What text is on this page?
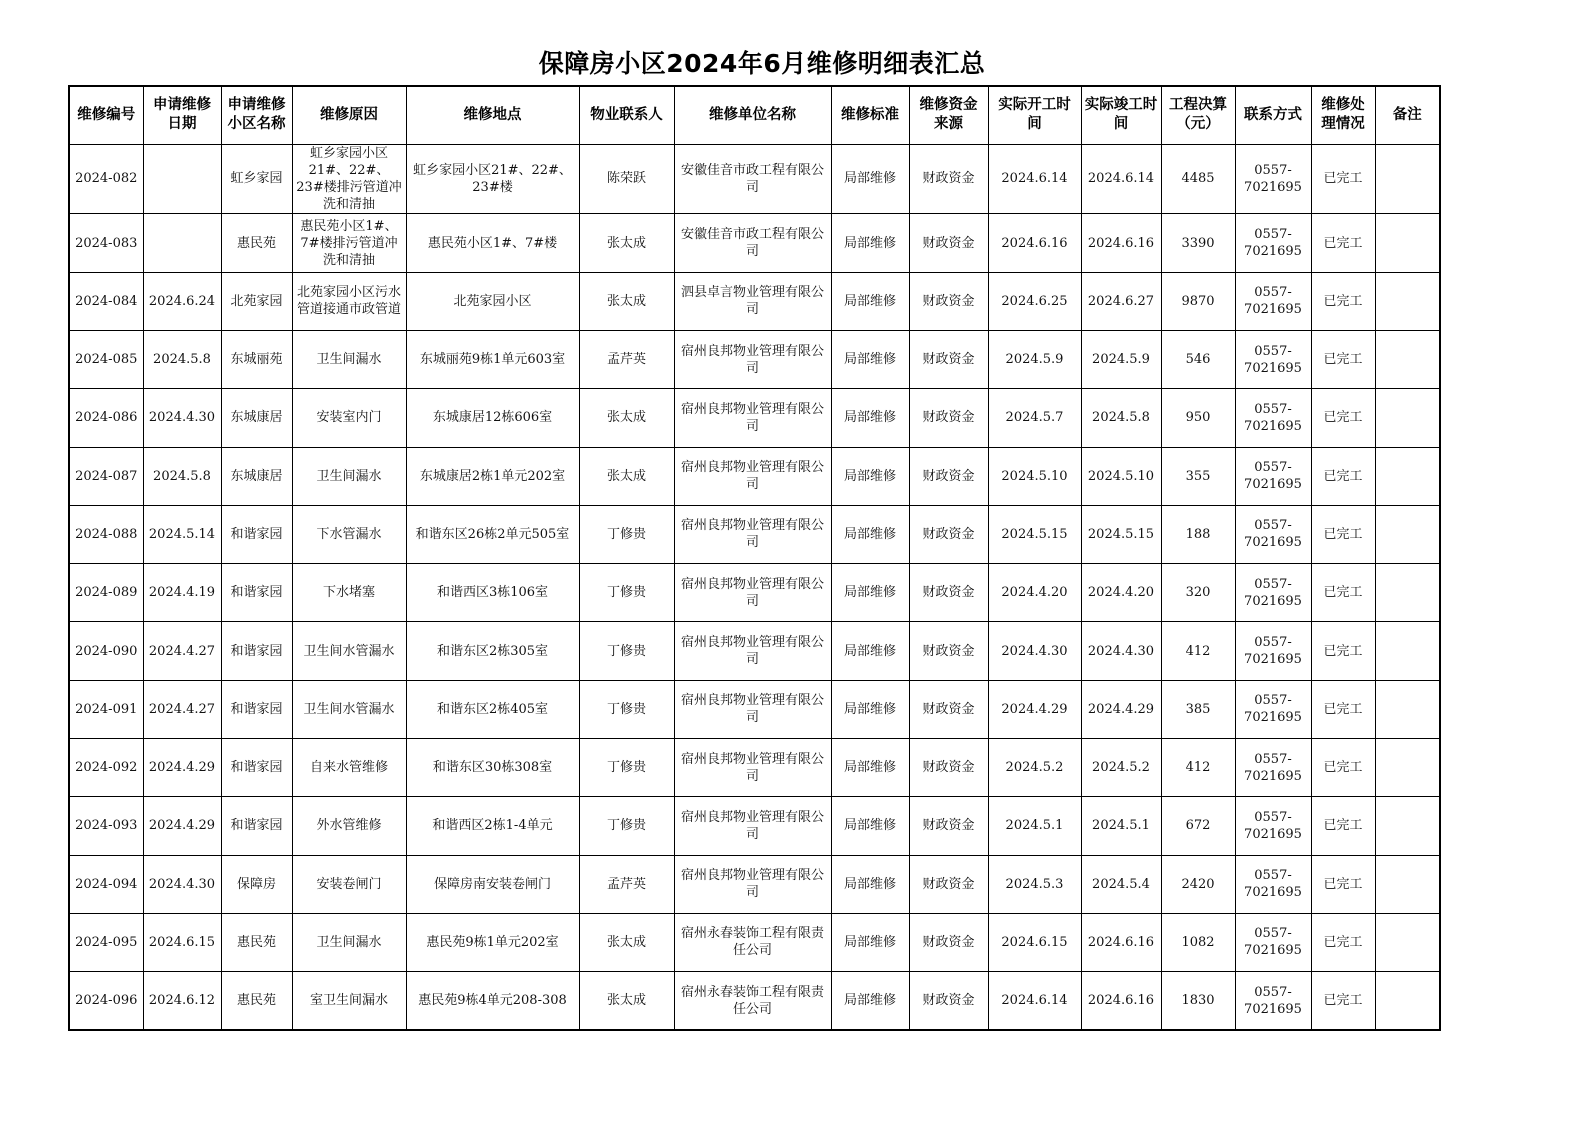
保障房小区2024年6月维修明细表汇总
维修编号	申请维修日期	申请维修小区名称	维修原因	维修地点	物业联系人	维修单位名称	维修标准	维修资金来源	实际开工时间	实际竣工时间	工程决算（元）	联系方式	维修处理情况	备注
2024-082		虹乡家园	虹乡家园小区21#、22#、23#楼排污管道冲洗和清抽	虹乡家园小区21#、22#、23#楼	陈荣跃	安徽佳音市政工程有限公司	局部维修	财政资金	2024.6.14	2024.6.14	4485	0557-7021695	已完工	
2024-083		惠民苑	惠民苑小区1#、7#楼排污管道冲洗和清抽	惠民苑小区1#、7#楼	张太成	安徽佳音市政工程有限公司	局部维修	财政资金	2024.6.16	2024.6.16	3390	0557-7021695	已完工	
2024-084	2024.6.24	北苑家园	北苑家园小区污水管道接通市政管道	北苑家园小区	张太成	泗县卓言物业管理有限公司	局部维修	财政资金	2024.6.25	2024.6.27	9870	0557-7021695	已完工	
2024-085	2024.5.8	东城丽苑	卫生间漏水	东城丽苑9栋1单元603室	孟芹英	宿州良邦物业管理有限公司	局部维修	财政资金	2024.5.9	2024.5.9	546	0557-7021695	已完工	
2024-086	2024.4.30	东城康居	安装室内门	东城康居12栋606室	张太成	宿州良邦物业管理有限公司	局部维修	财政资金	2024.5.7	2024.5.8	950	0557-7021695	已完工	
2024-087	2024.5.8	东城康居	卫生间漏水	东城康居2栋1单元202室	张太成	宿州良邦物业管理有限公司	局部维修	财政资金	2024.5.10	2024.5.10	355	0557-7021695	已完工	
2024-088	2024.5.14	和谐家园	下水管漏水	和谐东区26栋2单元505室	丁修贵	宿州良邦物业管理有限公司	局部维修	财政资金	2024.5.15	2024.5.15	188	0557-7021695	已完工	
2024-089	2024.4.19	和谐家园	下水堵塞	和谐西区3栋106室	丁修贵	宿州良邦物业管理有限公司	局部维修	财政资金	2024.4.20	2024.4.20	320	0557-7021695	已完工	
2024-090	2024.4.27	和谐家园	卫生间水管漏水	和谐东区2栋305室	丁修贵	宿州良邦物业管理有限公司	局部维修	财政资金	2024.4.30	2024.4.30	412	0557-7021695	已完工	
2024-091	2024.4.27	和谐家园	卫生间水管漏水	和谐东区2栋405室	丁修贵	宿州良邦物业管理有限公司	局部维修	财政资金	2024.4.29	2024.4.29	385	0557-7021695	已完工	
2024-092	2024.4.29	和谐家园	自来水管维修	和谐东区30栋308室	丁修贵	宿州良邦物业管理有限公司	局部维修	财政资金	2024.5.2	2024.5.2	412	0557-7021695	已完工	
2024-093	2024.4.29	和谐家园	外水管维修	和谐西区2栋1-4单元	丁修贵	宿州良邦物业管理有限公司	局部维修	财政资金	2024.5.1	2024.5.1	672	0557-7021695	已完工	
2024-094	2024.4.30	保障房	安装卷闸门	保障房南安装卷闸门	孟芹英	宿州良邦物业管理有限公司	局部维修	财政资金	2024.5.3	2024.5.4	2420	0557-7021695	已完工	
2024-095	2024.6.15	惠民苑	卫生间漏水	惠民苑9栋1单元202室	张太成	宿州永春装饰工程有限责任公司	局部维修	财政资金	2024.6.15	2024.6.16	1082	0557-7021695	已完工	
2024-096	2024.6.12	惠民苑	室卫生间漏水	惠民苑9栋4单元208-308	张太成	宿州永春装饰工程有限责任公司	局部维修	财政资金	2024.6.14	2024.6.16	1830	0557-7021695	已完工	
